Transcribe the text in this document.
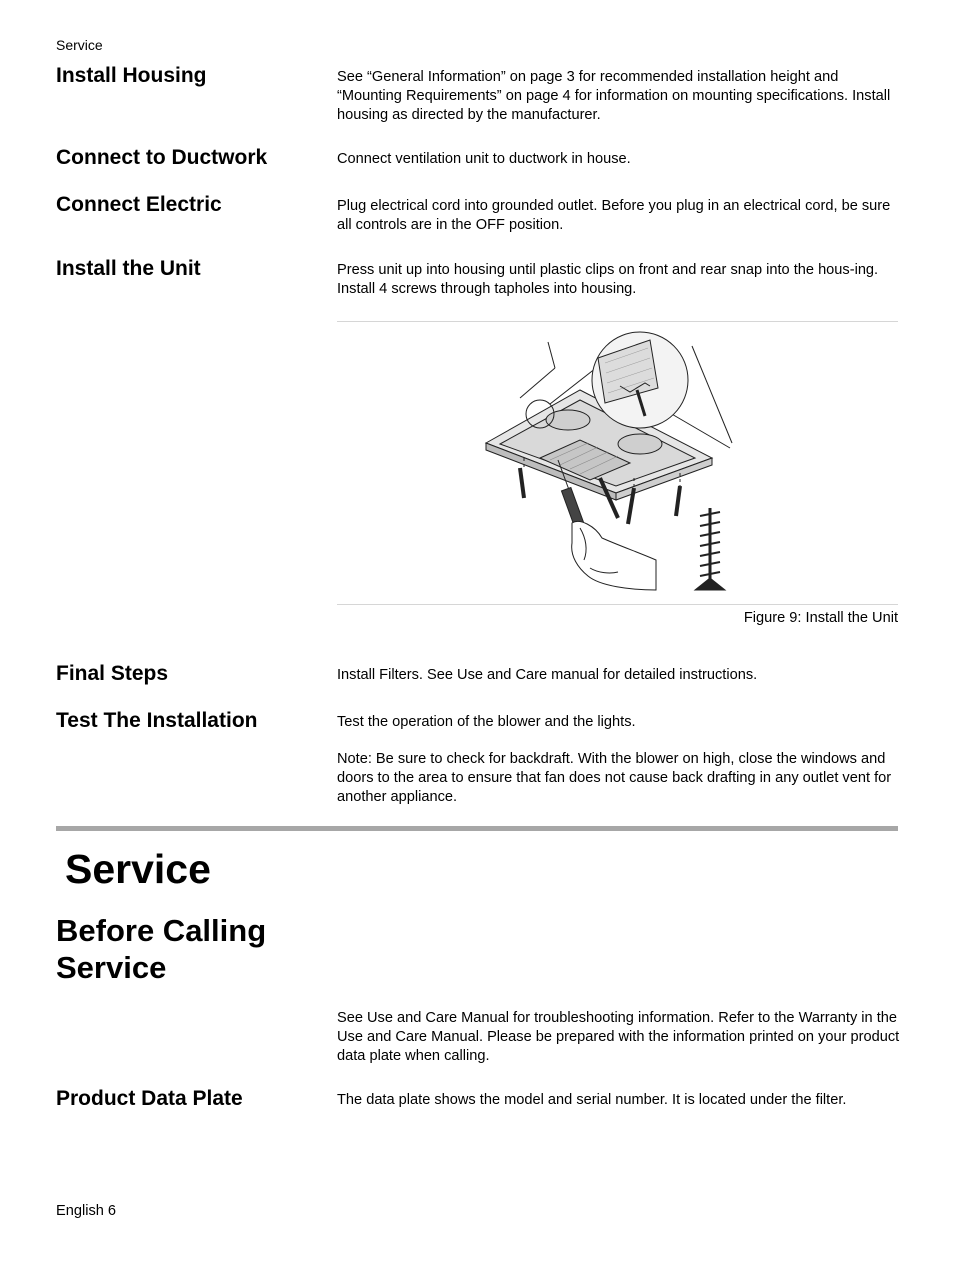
Service
Install Housing	See “General Information” on page 3 for recommended installation height and “Mounting Requirements” on page 4 for information on mounting specifications. Install housing as directed by the manufacturer.
Connect to Ductwork	Connect ventilation unit to ductwork in house.
Connect Electric	Plug electrical cord into grounded outlet. Before you plug in an electrical cord, be sure all controls are in the OFF position.
Install the Unit	Press unit up into housing until plastic clips on front and rear snap into the hous-ing. Install 4 screws through tapholes into housing.
Figure 9: Install the Unit
Final Steps	Install Filters. See Use and Care manual for detailed instructions.
Test The Installation	Test the operation of the blower and the lights.
Note: Be sure to check for backdraft. With the blower on high, close the windows and doors to the area to ensure that fan does not cause back drafting in any outlet vent for another appliance.
Service
Before Calling Service
See Use and Care Manual for troubleshooting information. Refer to the Warranty in the Use and Care Manual. Please be prepared with the information printed on your product data plate when calling.
Product Data Plate	The data plate shows the model and serial number. It is located under the filter.
English 6
